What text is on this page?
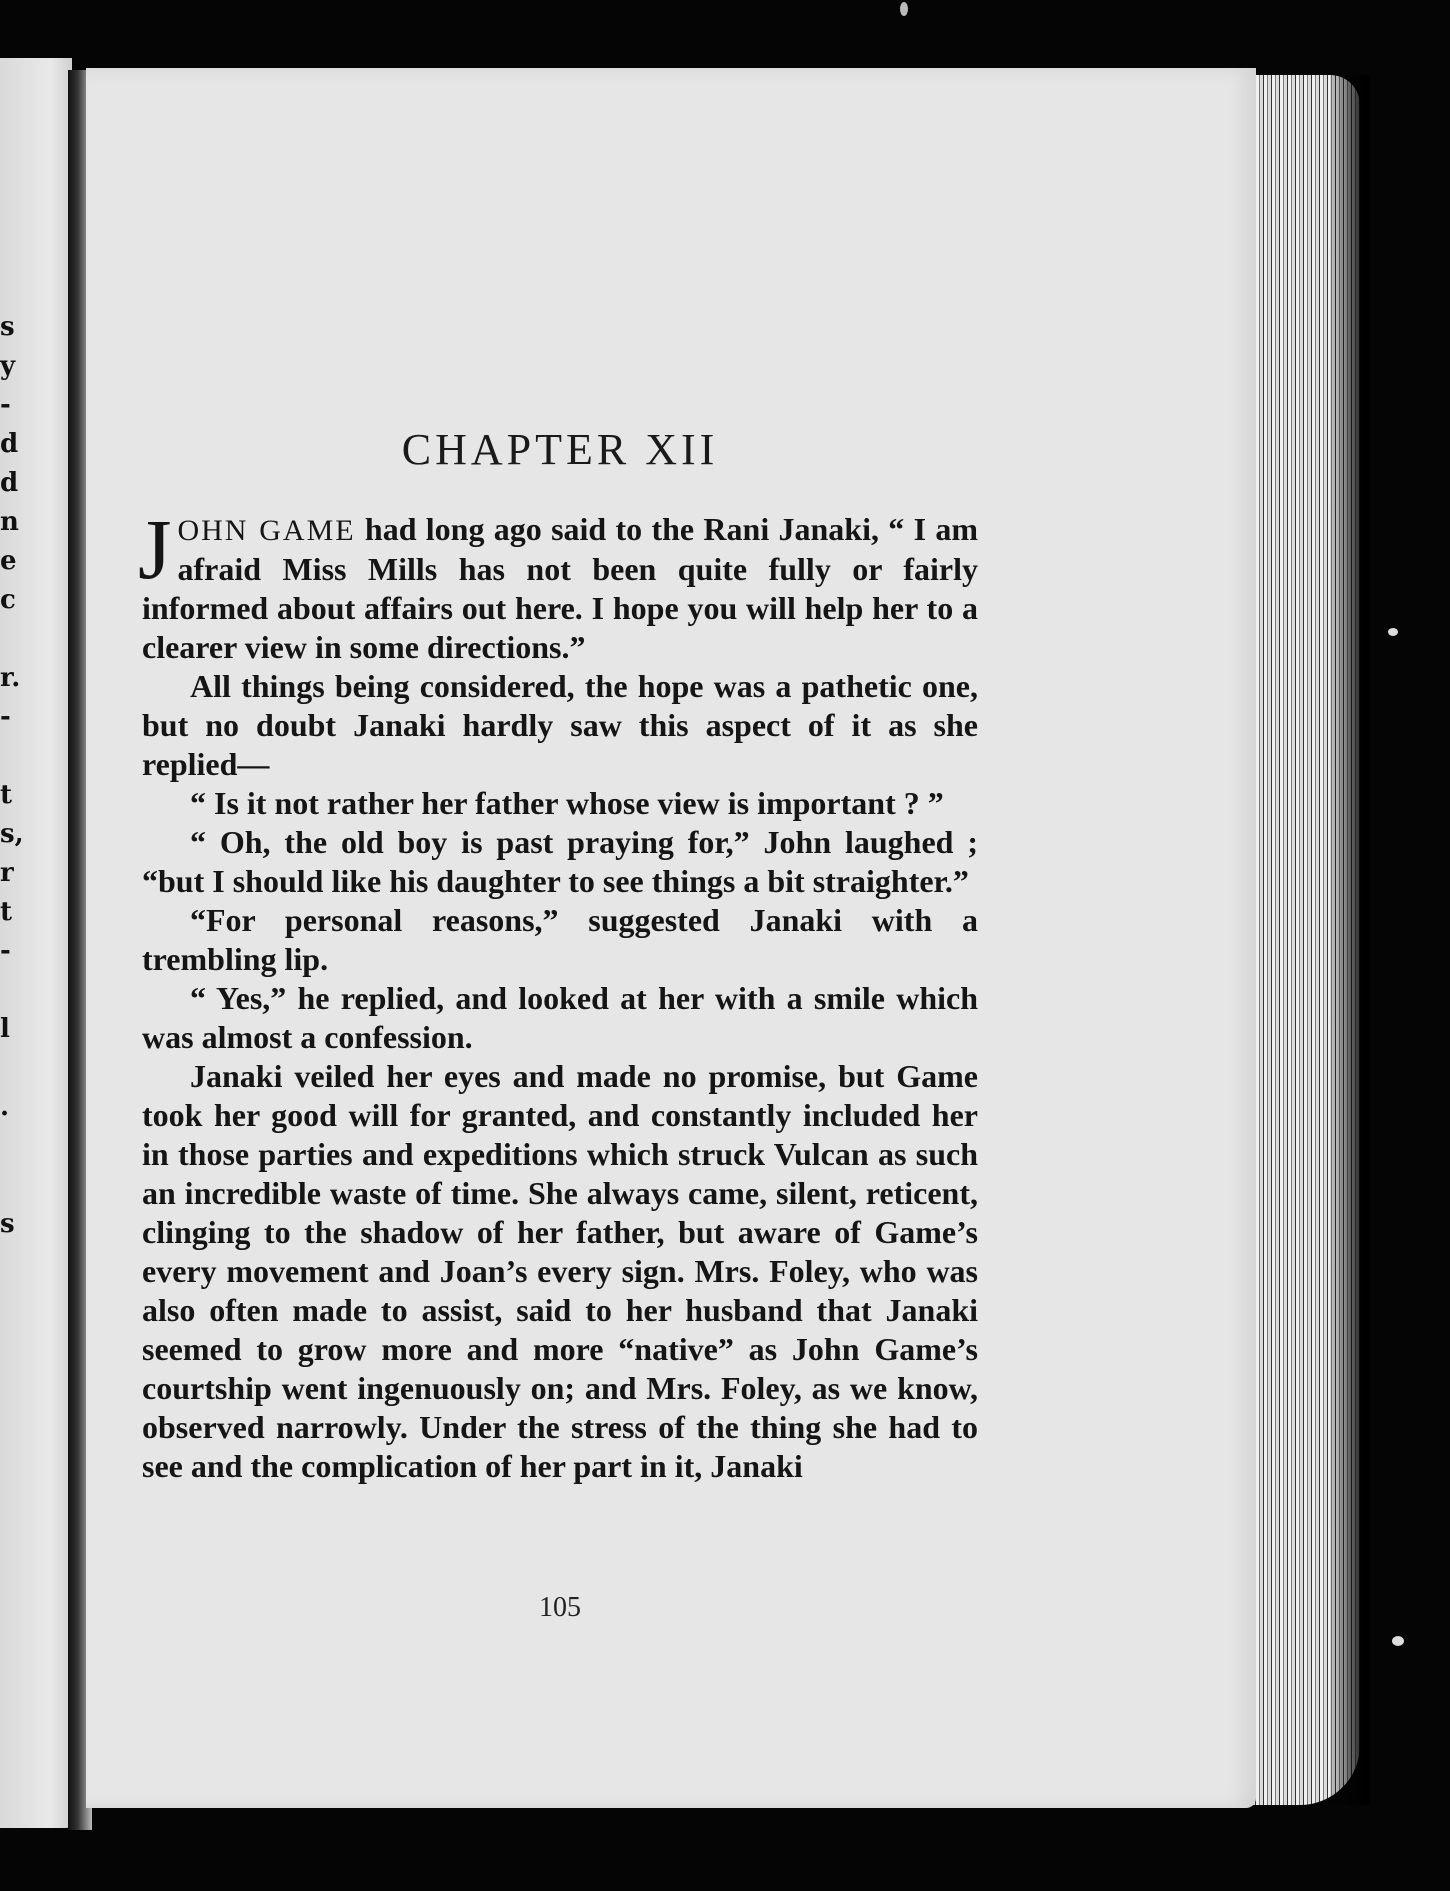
s
y
-
d
d
n
e
c
r.
-
t
s,
r
t
-
l
.
s
CHAPTER XII

JOHN GAME had long ago said to the Rani Janaki, “ I am afraid Miss Mills has not been quite fully or fairly informed about affairs out here. I hope you will help her to a clearer view in some directions.”

All things being considered, the hope was a pathetic one, but no doubt Janaki hardly saw this aspect of it as she replied—

“ Is it not rather her father whose view is important ? ”

“ Oh, the old boy is past praying for,” John laughed ; “but I should like his daughter to see things a bit straighter.”

“For personal reasons,” suggested Janaki with a trembling lip.

“ Yes,” he replied, and looked at her with a smile which was almost a confession.

Janaki veiled her eyes and made no promise, but Game took her good will for granted, and constantly included her in those parties and expeditions which struck Vulcan as such an incredible waste of time. She always came, silent, reticent, clinging to the shadow of her father, but aware of Game’s every movement and Joan’s every sign. Mrs. Foley, who was also often made to assist, said to her husband that Janaki seemed to grow more and more “native” as John Game’s courtship went ingenuously on; and Mrs. Foley, as we know, observed narrowly. Under the stress of the thing she had to see and the complication of her part in it, Janaki

105
